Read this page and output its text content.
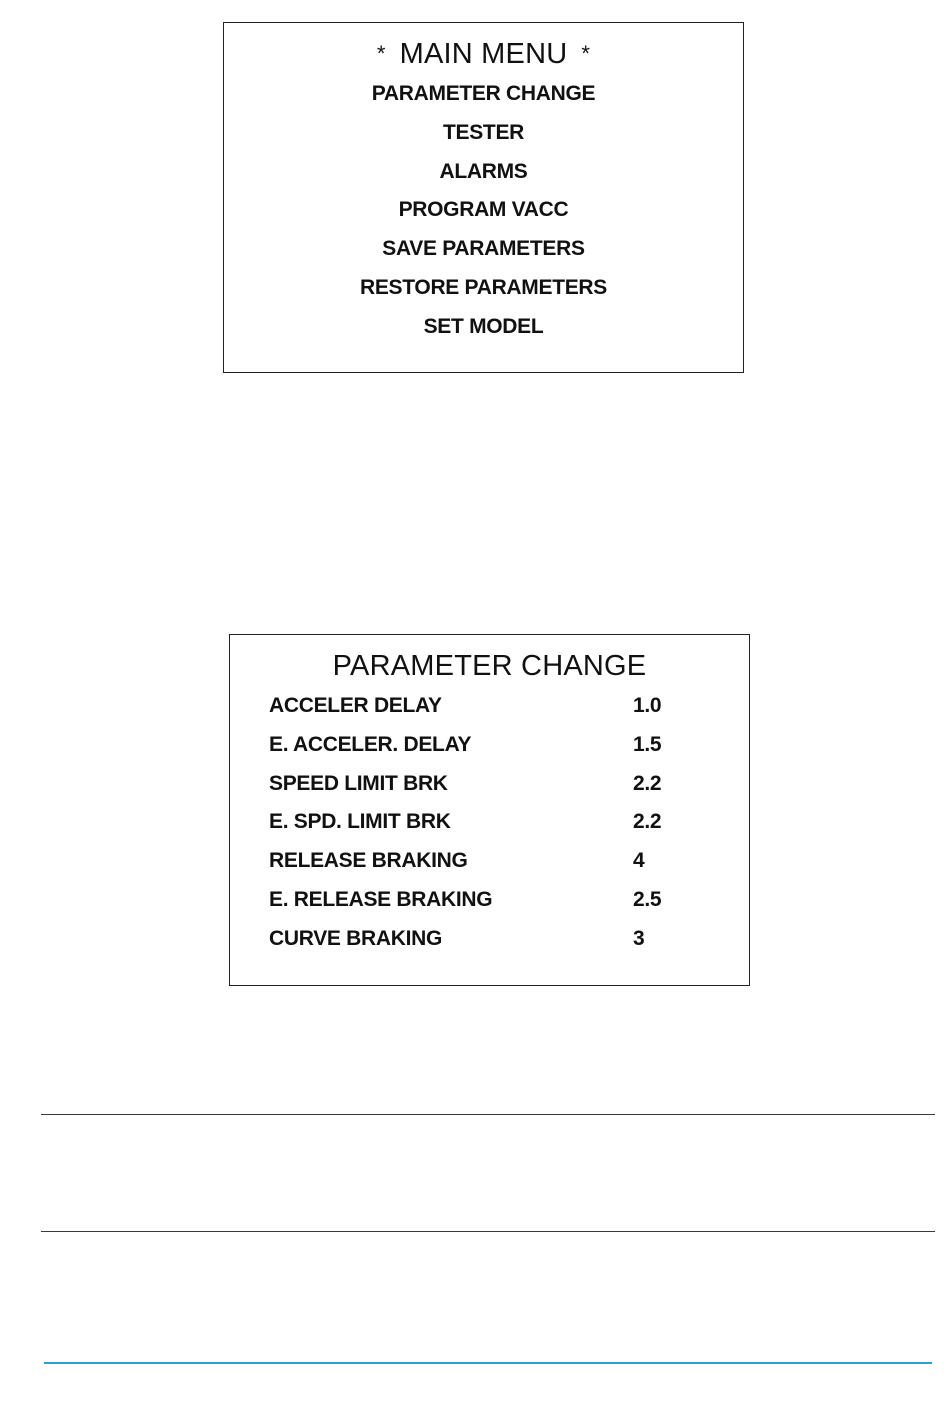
* MAIN MENU *
PARAMETER CHANGE
TESTER
ALARMS
PROGRAM VACC
SAVE PARAMETERS
RESTORE PARAMETERS
SET MODEL
PARAMETER CHANGE
ACCELER DELAY	1.0
E. ACCELER. DELAY	1.5
SPEED LIMIT BRK	2.2
E. SPD. LIMIT BRK	2.2
RELEASE BRAKING	4
E. RELEASE BRAKING	2.5
CURVE BRAKING	3
